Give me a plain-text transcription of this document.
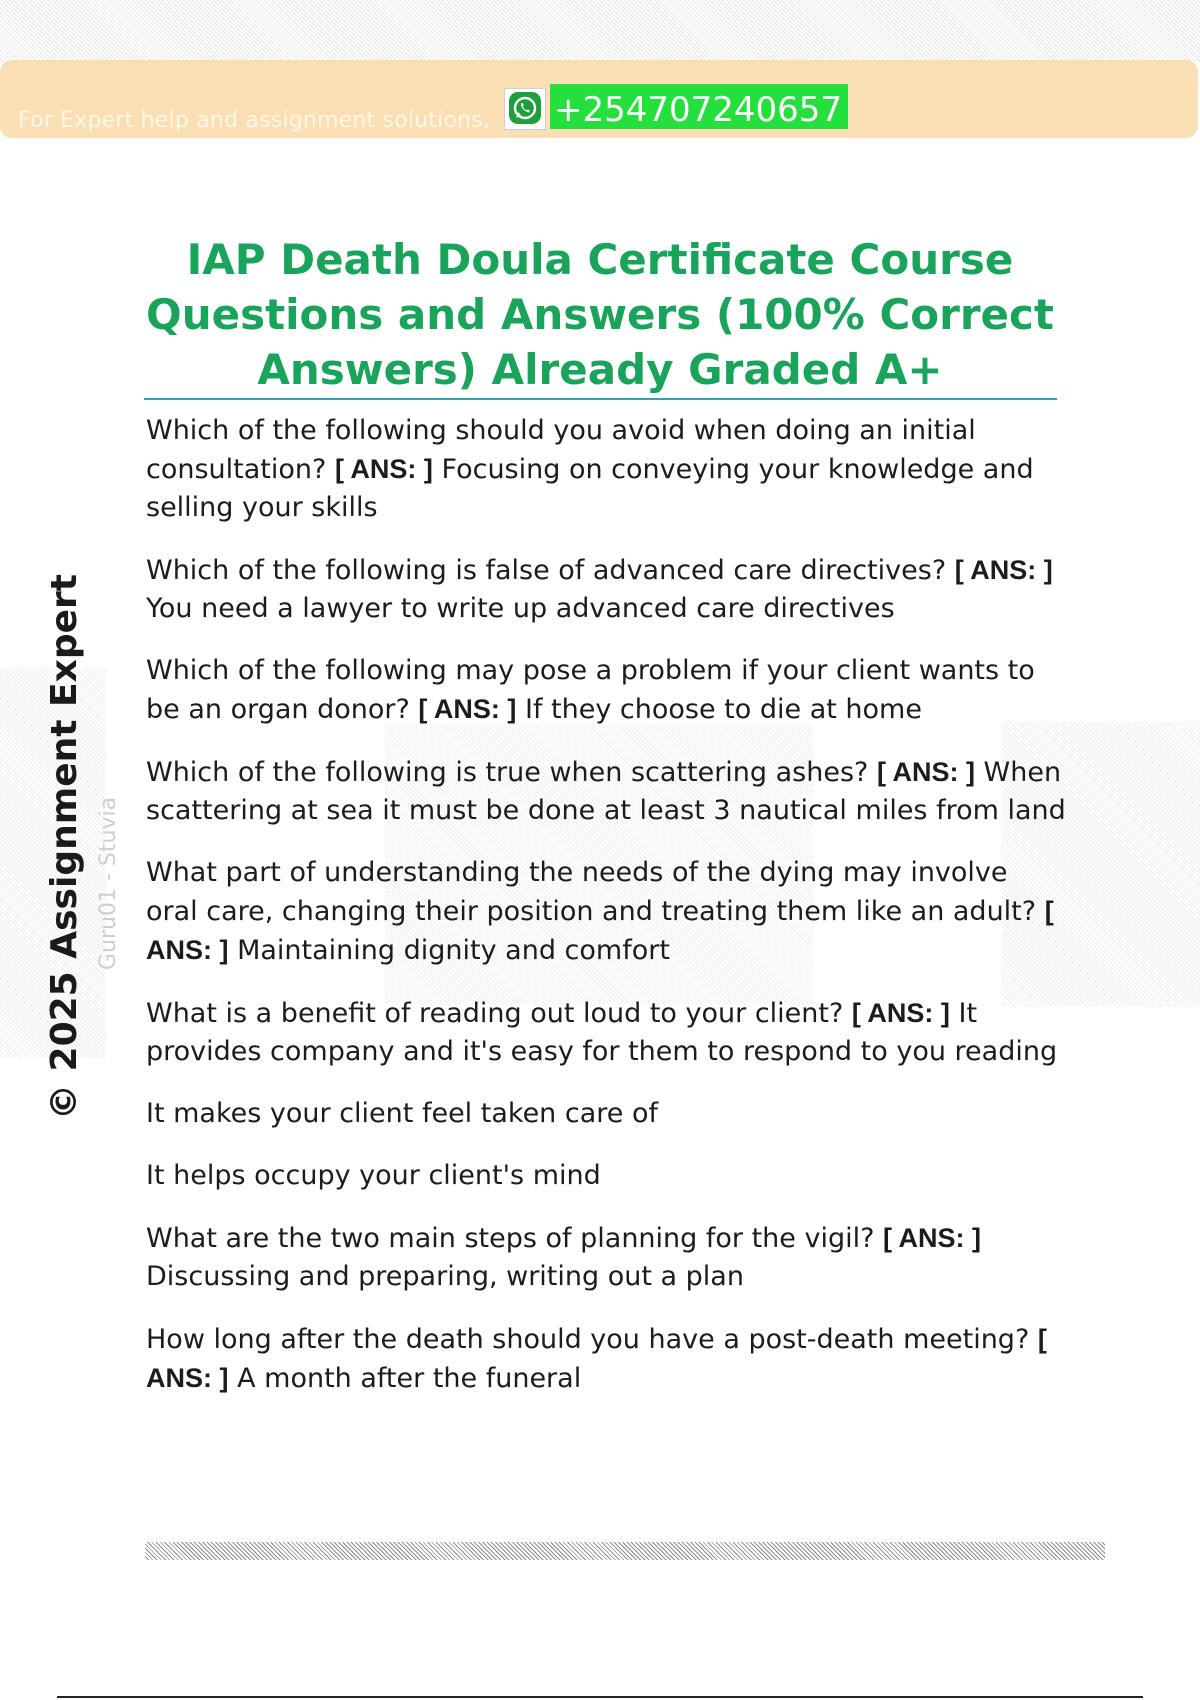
For Expert help and assignment solutions, +254707240657
© 2025 Assignment Expert Guru01 - Stuvia
IAP Death Doula Certificate Course Questions and Answers (100% Correct Answers) Already Graded A+

Which of the following should you avoid when doing an initial consultation? [ ANS: ] Focusing on conveying your knowledge and selling your skills

Which of the following is false of advanced care directives? [ ANS: ] You need a lawyer to write up advanced care directives

Which of the following may pose a problem if your client wants to be an organ donor? [ ANS: ] If they choose to die at home

Which of the following is true when scattering ashes? [ ANS: ] When scattering at sea it must be done at least 3 nautical miles from land

What part of understanding the needs of the dying may involve oral care, changing their position and treating them like an adult? [ ANS: ] Maintaining dignity and comfort

What is a benefit of reading out loud to your client? [ ANS: ] It provides company and it's easy for them to respond to you reading

It makes your client feel taken care of

It helps occupy your client's mind

What are the two main steps of planning for the vigil? [ ANS: ] Discussing and preparing, writing out a plan

How long after the death should you have a post-death meeting? [ ANS: ] A month after the funeral
